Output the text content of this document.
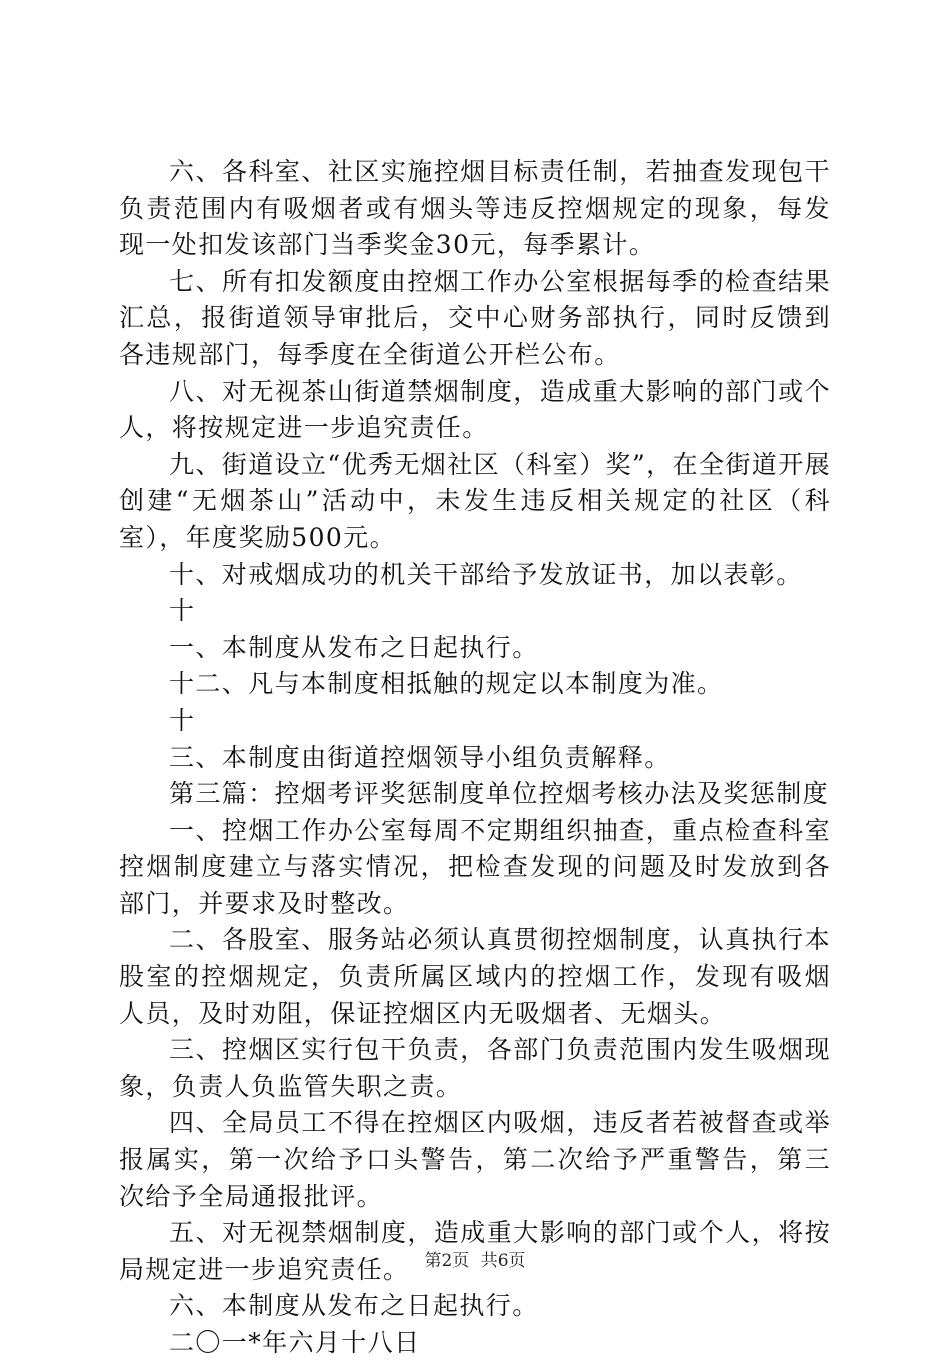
六、各科室、社区实施控烟目标责任制，若抽查发现包干负责范围内有吸烟者或有烟头等违反控烟规定的现象，每发现一处扣发该部门当季奖金30元，每季累计。

七、所有扣发额度由控烟工作办公室根据每季的检查结果汇总，报街道领导审批后，交中心财务部执行，同时反馈到各违规部门，每季度在全街道公开栏公布。

八、对无视茶山街道禁烟制度，造成重大影响的部门或个人，将按规定进一步追究责任。

九、街道设立“优秀无烟社区（科室）奖”，在全街道开展创建“无烟茶山”活动中，未发生违反相关规定的社区（科室），年度奖励500元。

十、对戒烟成功的机关干部给予发放证书，加以表彰。

十

一、本制度从发布之日起执行。

十二、凡与本制度相抵触的规定以本制度为准。

十

三、本制度由街道控烟领导小组负责解释。

第三篇：控烟考评奖惩制度单位控烟考核办法及奖惩制度

一、控烟工作办公室每周不定期组织抽查，重点检查科室控烟制度建立与落实情况，把检查发现的问题及时发放到各部门，并要求及时整改。

二、各股室、服务站必须认真贯彻控烟制度，认真执行本股室的控烟规定，负责所属区域内的控烟工作，发现有吸烟人员，及时劝阻，保证控烟区内无吸烟者、无烟头。

三、控烟区实行包干负责，各部门负责范围内发生吸烟现象，负责人负监管失职之责。

四、全局员工不得在控烟区内吸烟，违反者若被督查或举报属实，第一次给予口头警告，第二次给予严重警告，第三次给予全局通报批评。

五、对无视禁烟制度，造成重大影响的部门或个人，将按局规定进一步追究责任。

六、本制度从发布之日起执行。

二〇一*年六月十八日

第2页 共6页
